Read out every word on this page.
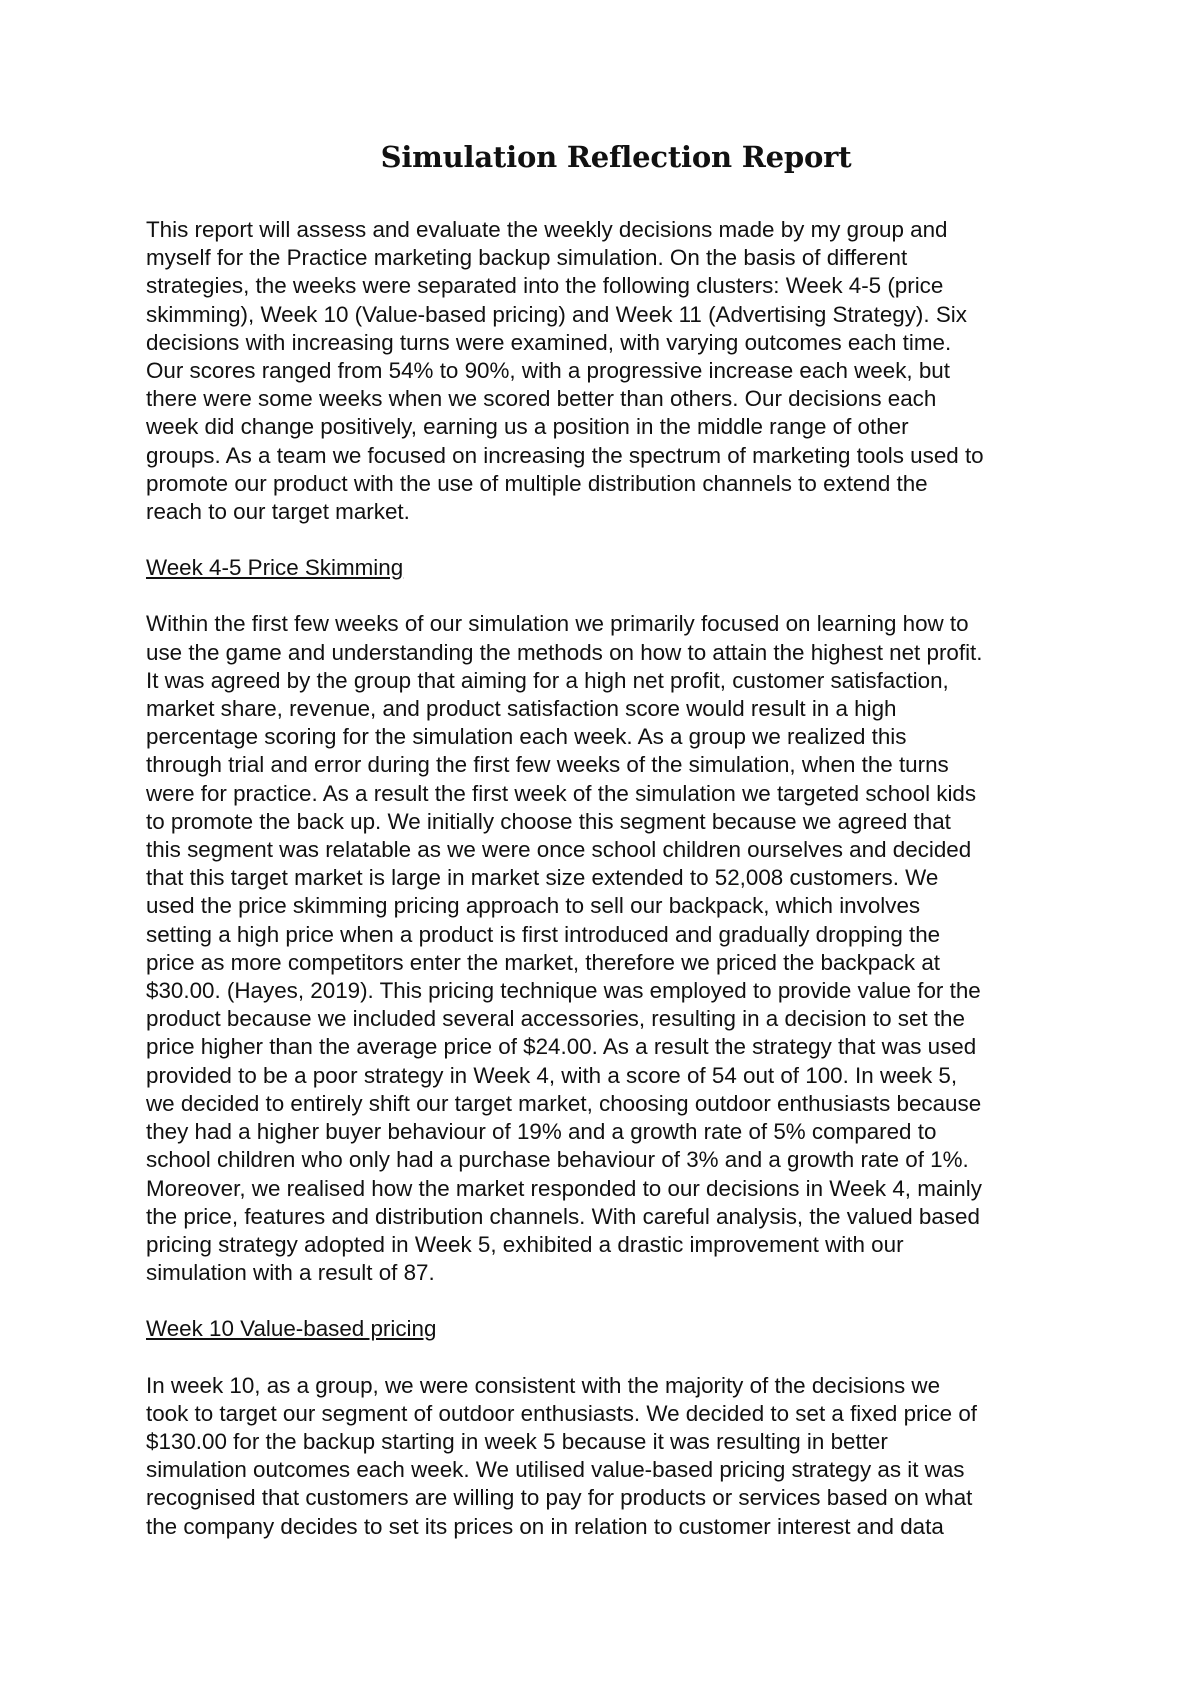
Simulation Reflection Report

This report will assess and evaluate the weekly decisions made by my group and
myself for the Practice marketing backup simulation. On the basis of different
strategies, the weeks were separated into the following clusters: Week 4-5 (price
skimming), Week 10 (Value-based pricing) and Week 11 (Advertising Strategy). Six
decisions with increasing turns were examined, with varying outcomes each time.
Our scores ranged from 54% to 90%, with a progressive increase each week, but
there were some weeks when we scored better than others. Our decisions each
week did change positively, earning us a position in the middle range of other
groups. As a team we focused on increasing the spectrum of marketing tools used to
promote our product with the use of multiple distribution channels to extend the
reach to our target market.

Week 4-5 Price Skimming

Within the first few weeks of our simulation we primarily focused on learning how to
use the game and understanding the methods on how to attain the highest net profit.
It was agreed by the group that aiming for a high net profit, customer satisfaction,
market share, revenue, and product satisfaction score would result in a high
percentage scoring for the simulation each week. As a group we realized this
through trial and error during the first few weeks of the simulation, when the turns
were for practice. As a result the first week of the simulation we targeted school kids
to promote the back up. We initially choose this segment because we agreed that
this segment was relatable as we were once school children ourselves and decided
that this target market is large in market size extended to 52,008 customers. We
used the price skimming pricing approach to sell our backpack, which involves
setting a high price when a product is first introduced and gradually dropping the
price as more competitors enter the market, therefore we priced the backpack at
$30.00. (Hayes, 2019). This pricing technique was employed to provide value for the
product because we included several accessories, resulting in a decision to set the
price higher than the average price of $24.00. As a result the strategy that was used
provided to be a poor strategy in Week 4, with a score of 54 out of 100. In week 5,
we decided to entirely shift our target market, choosing outdoor enthusiasts because
they had a higher buyer behaviour of 19% and a growth rate of 5% compared to
school children who only had a purchase behaviour of 3% and a growth rate of 1%.
Moreover, we realised how the market responded to our decisions in Week 4, mainly
the price, features and distribution channels. With careful analysis, the valued based
pricing strategy adopted in Week 5, exhibited a drastic improvement with our
simulation with a result of 87.

Week 10 Value-based pricing

In week 10, as a group, we were consistent with the majority of the decisions we
took to target our segment of outdoor enthusiasts. We decided to set a fixed price of
$130.00 for the backup starting in week 5 because it was resulting in better
simulation outcomes each week. We utilised value-based pricing strategy as it was
recognised that customers are willing to pay for products or services based on what
the company decides to set its prices on in relation to customer interest and data
